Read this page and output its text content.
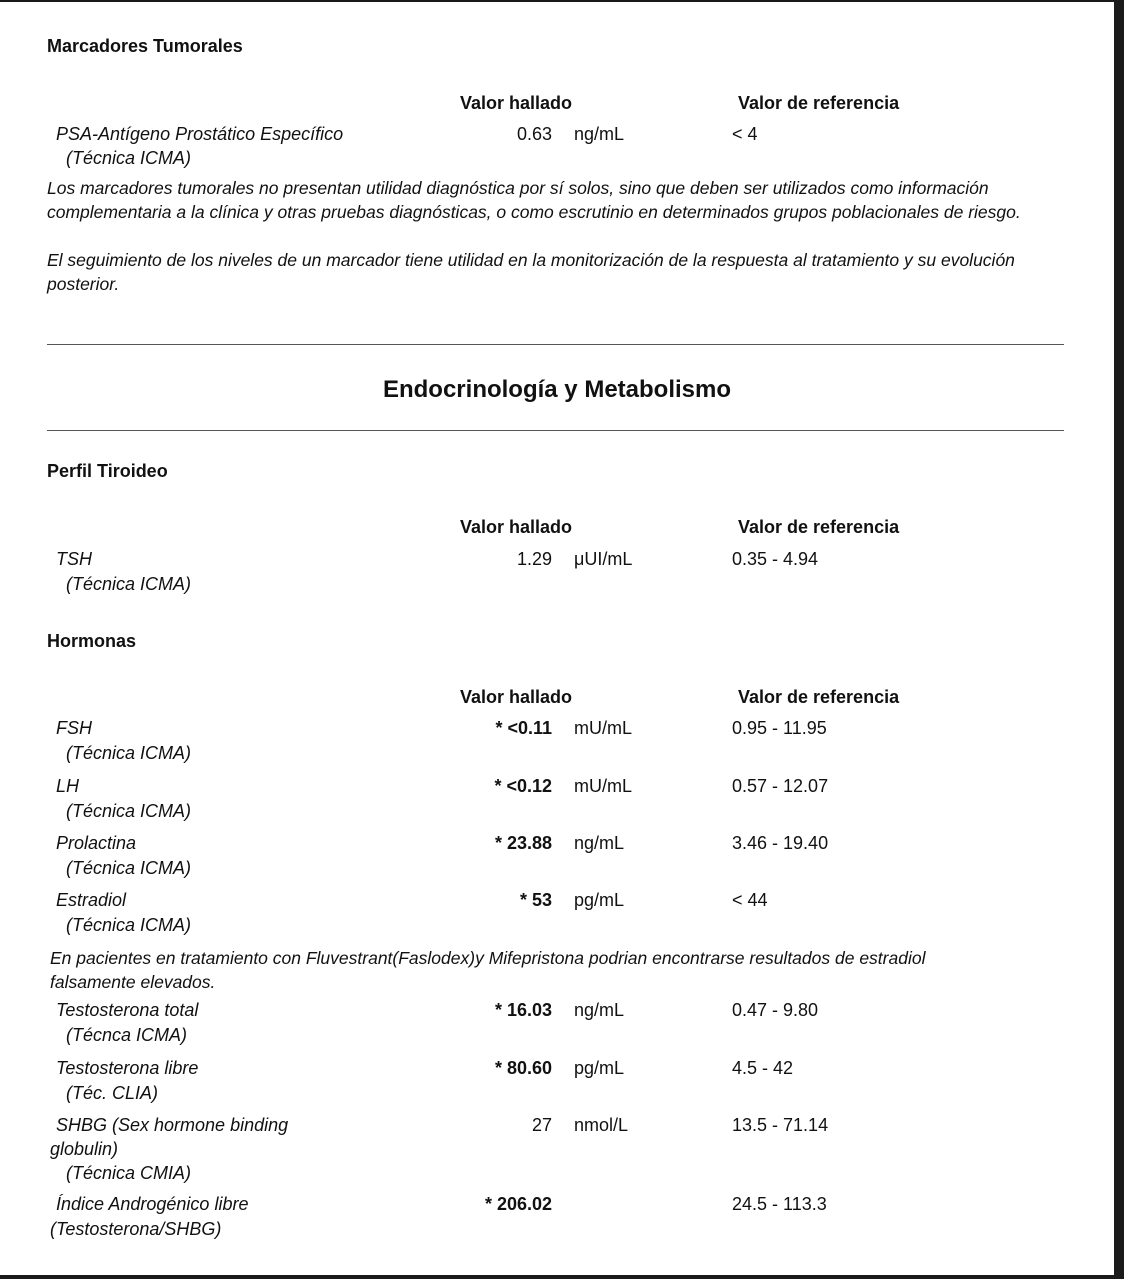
Marcadores Tumorales
Valor hallado	Valor de referencia
PSA-Antígeno Prostático Específico	0.63 ng/mL	< 4
(Técnica ICMA)
Los marcadores tumorales no presentan utilidad diagnóstica por sí solos, sino que deben ser utilizados como información complementaria a la clínica y otras pruebas diagnósticas, o como escrutinio en determinados grupos poblacionales de riesgo.
El seguimiento de los niveles de un marcador tiene utilidad en la monitorización de la respuesta al tratamiento y su evolución posterior.
Endocrinología y Metabolismo
Perfil Tiroideo
Valor hallado	Valor de referencia
TSH	1.29 μUI/mL	0.35 - 4.94
(Técnica ICMA)
Hormonas
Valor hallado	Valor de referencia
FSH	* <0.11 mU/mL	0.95 - 11.95
(Técnica ICMA)
LH	* <0.12 mU/mL	0.57 - 12.07
(Técnica ICMA)
Prolactina	* 23.88 ng/mL	3.46 - 19.40
(Técnica ICMA)
Estradiol	* 53 pg/mL	< 44
(Técnica ICMA)
En pacientes en tratamiento con Fluvestrant(Faslodex)y Mifepristona podrian encontrarse resultados de estradiol falsamente elevados.
Testosterona total	* 16.03 ng/mL	0.47 - 9.80
(Técnca ICMA)
Testosterona libre	* 80.60 pg/mL	4.5 - 42
(Téc. CLIA)
SHBG (Sex hormone binding	27 nmol/L	13.5 - 71.14
globulin)
(Técnica CMIA)
Índice Androgénico libre	* 206.02	24.5 - 113.3
(Testosterona/SHBG)
